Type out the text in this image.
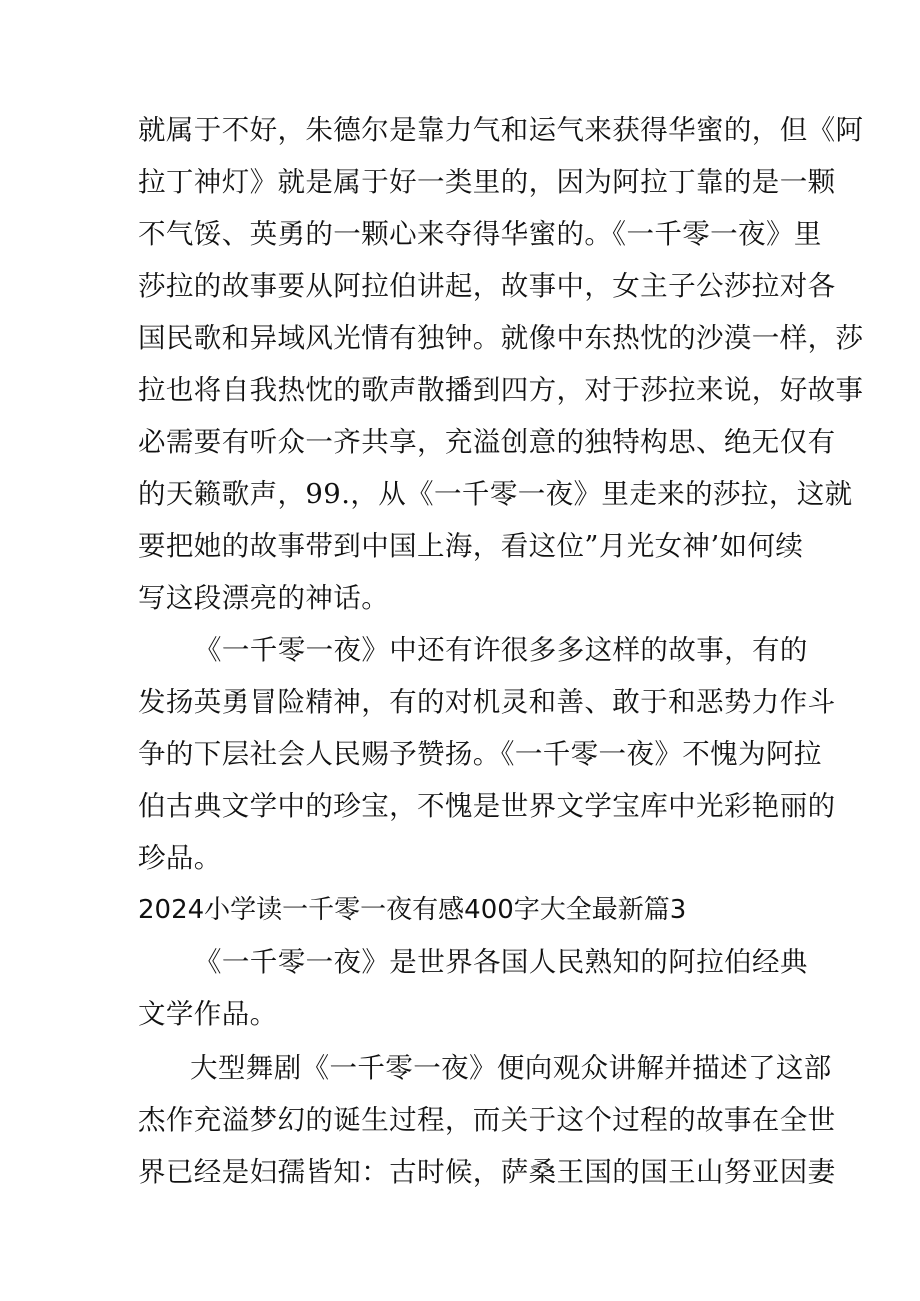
就属于不好，朱德尔是靠力气和运气来获得华蜜的，但《阿
拉丁神灯》就是属于好一类里的，因为阿拉丁靠的是一颗
不气馁、英勇的一颗心来夺得华蜜的。《一千零一夜》里
莎拉的故事要从阿拉伯讲起，故事中，女主子公莎拉对各
国民歌和异域风光情有独钟。就像中东热忱的沙漠一样，莎
拉也将自我热忱的歌声散播到四方，对于莎拉来说，好故事
必需要有听众一齐共享，充溢创意的独特构思、绝无仅有
的天籁歌声，99.，从《一千零一夜》里走来的莎拉，这就
要把她的故事带到中国上海，看这位”月光女神’如何续
写这段漂亮的神话。
《一千零一夜》中还有许很多多这样的故事，有的
发扬英勇冒险精神，有的对机灵和善、敢于和恶势力作斗
争的下层社会人民赐予赞扬。《一千零一夜》不愧为阿拉
伯古典文学中的珍宝，不愧是世界文学宝库中光彩艳丽的
珍品。
2024小学读一千零一夜有感400字大全最新篇3
《一千零一夜》是世界各国人民熟知的阿拉伯经典
文学作品。
大型舞剧《一千零一夜》便向观众讲解并描述了这部
杰作充溢梦幻的诞生过程，而关于这个过程的故事在全世
界已经是妇孺皆知：古时候，萨桑王国的国王山努亚因妻
